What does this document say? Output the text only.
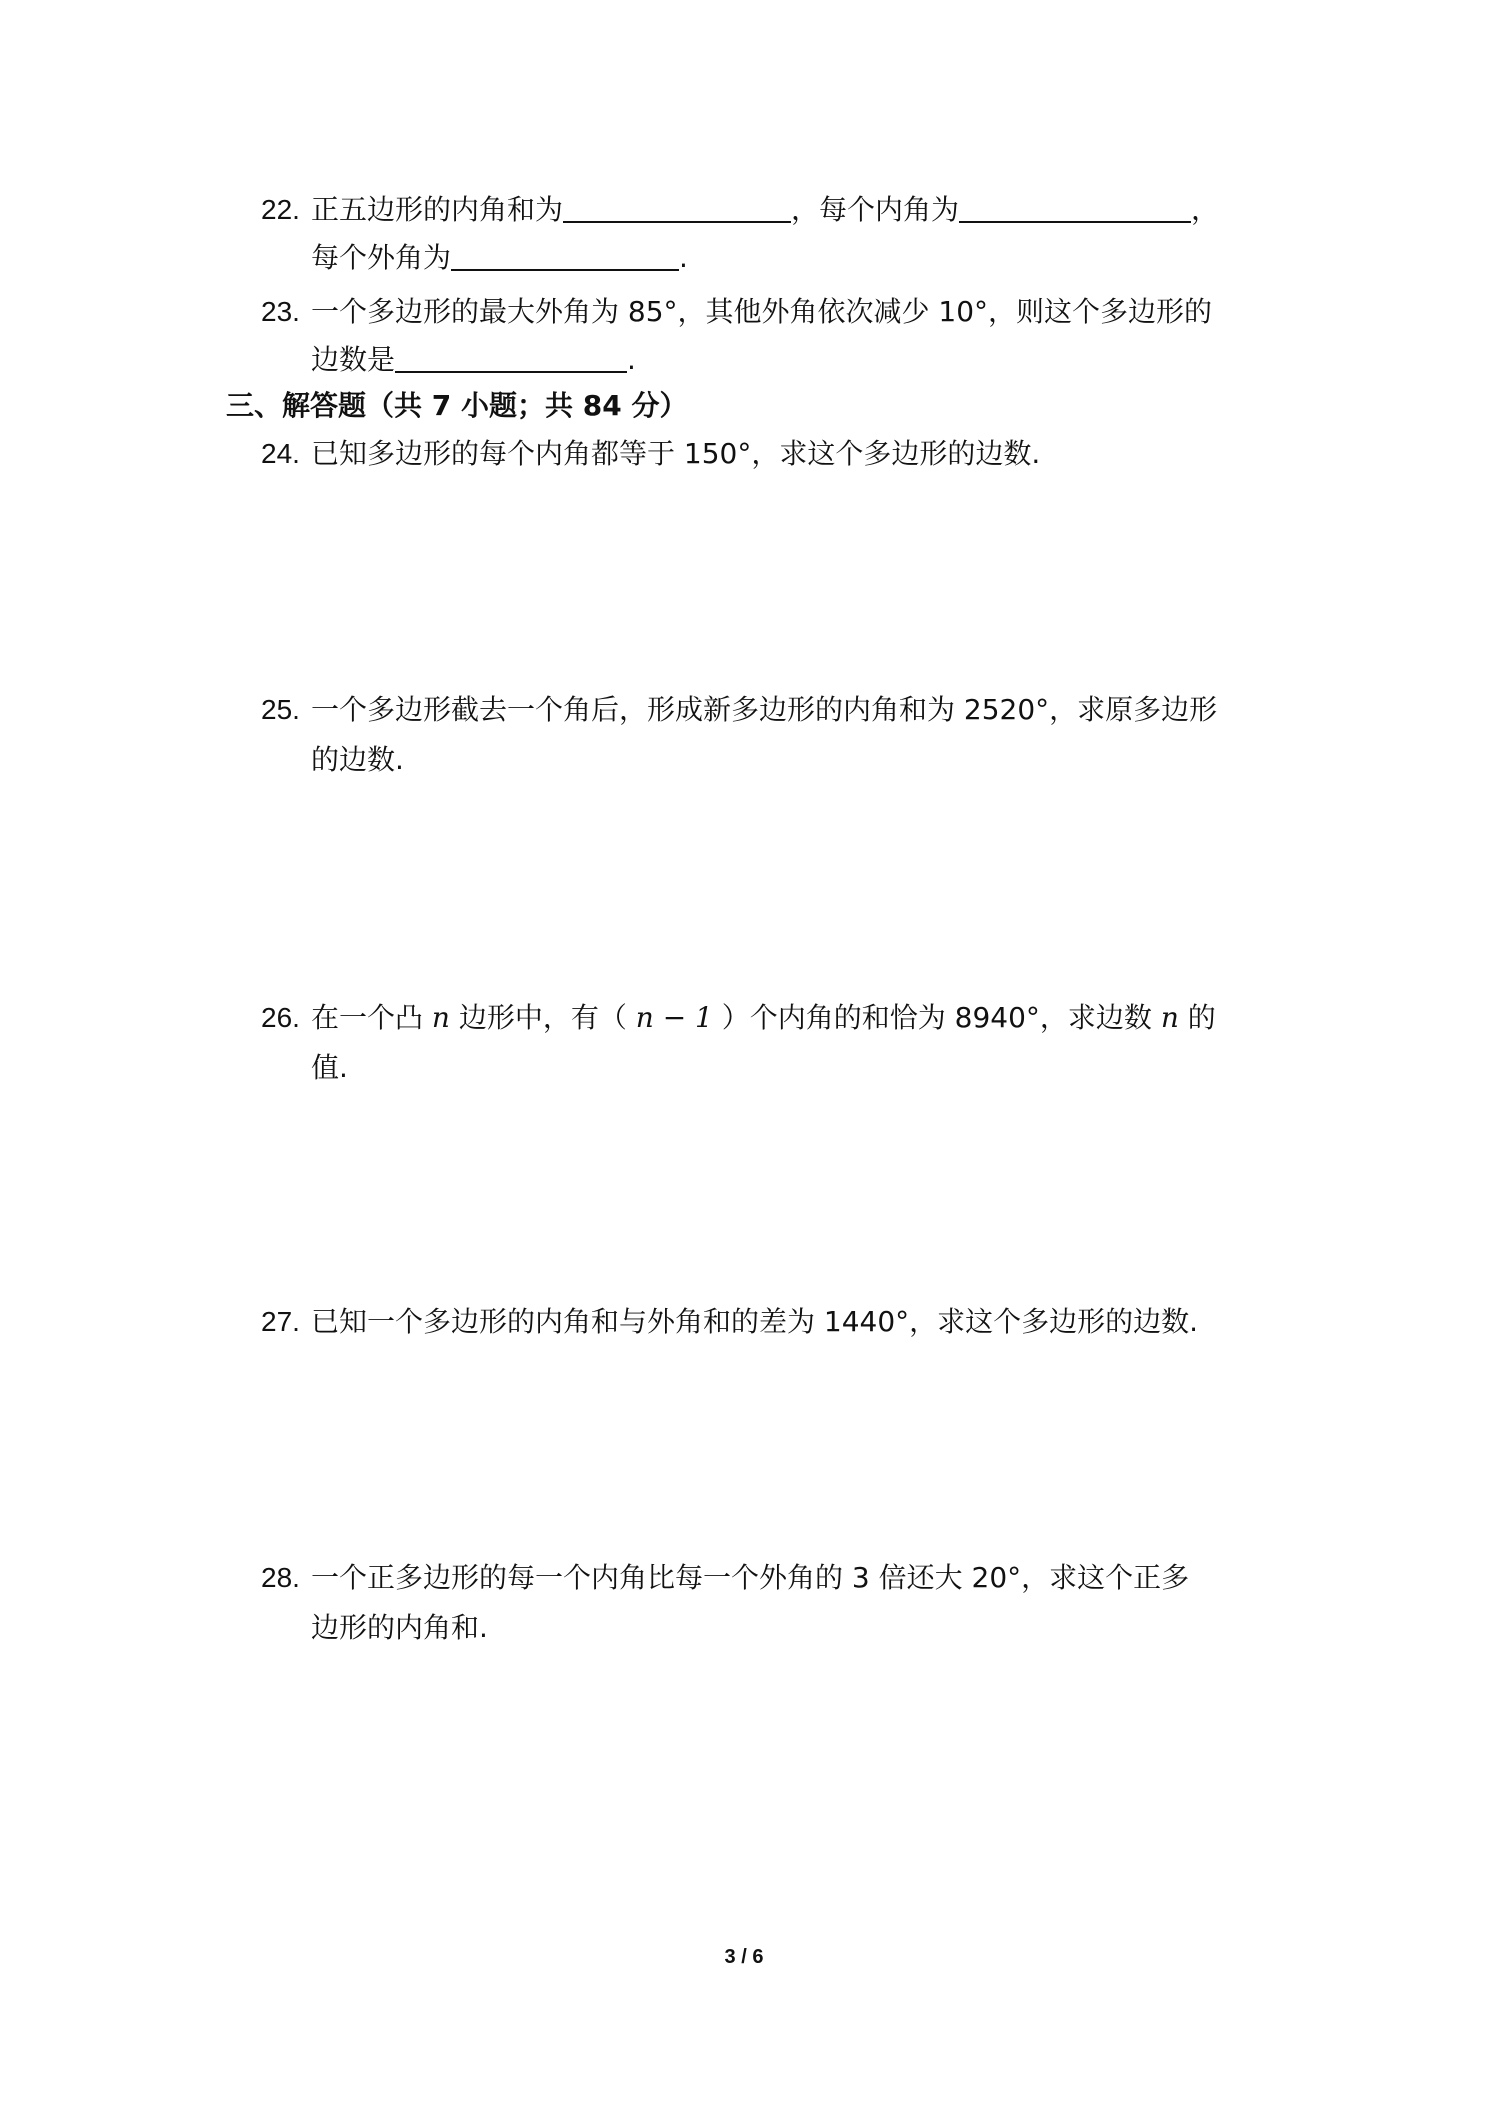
22. 正五边形的内角和为	，每个内角为	，
每个外角为	.
23. 一个多边形的最大外角为 85°，其他外角依次减少 10°，则这个多边形的
边数是	.
三、解答题（共 7 小题；共 84 分）
24. 已知多边形的每个内角都等于 150°，求这个多边形的边数.
25. 一个多边形截去一个角后，形成新多边形的内角和为 2520°，求原多边形
的边数.
26. 在一个凸 n 边形中，有（ n − 1 ）个内角的和恰为 8940°，求边数 n 的
值.
27. 已知一个多边形的内角和与外角和的差为 1440°，求这个多边形的边数.
28. 一个正多边形的每一个内角比每一个外角的 3 倍还大 20°，求这个正多
边形的内角和.
3 / 6
